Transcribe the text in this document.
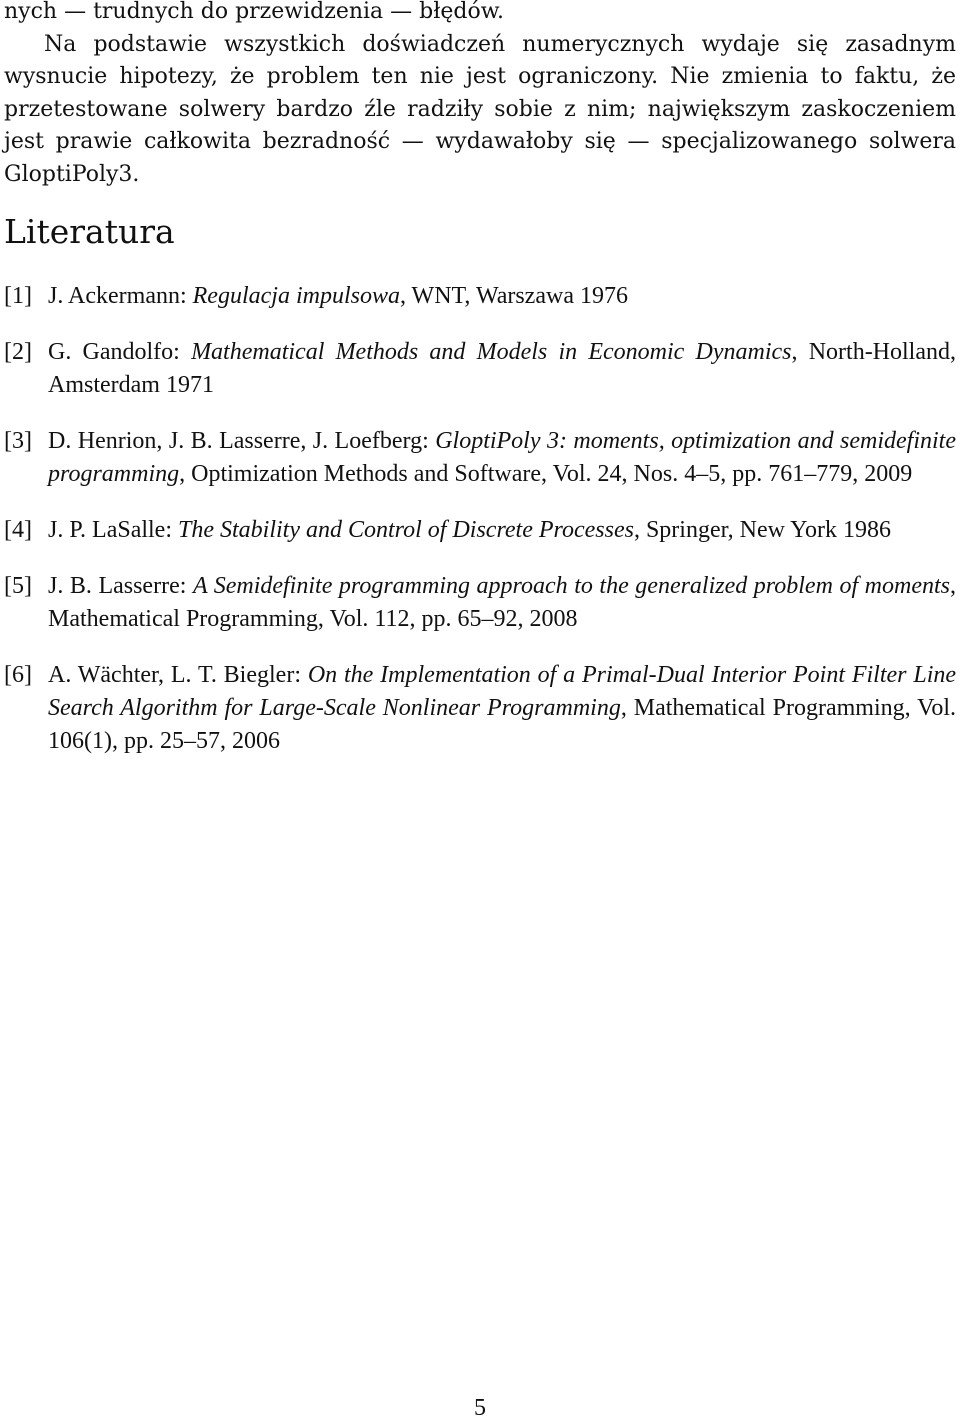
nych — trudnych do przewidzenia — błędów.

Na podstawie wszystkich doświadczeń numerycznych wydaje się zasadnym wysnucie hipotezy, że problem ten nie jest ograniczony. Nie zmienia to faktu, że przetestowane solwery bardzo źle radziły sobie z nim; największym zaskoczeniem jest prawie całkowita bezradność — wydawałoby się — specjalizowanego solwera GloptiPoly3.

Literatura
[1] J. Ackermann: Regulacja impulsowa, WNT, Warszawa 1976
[2] G. Gandolfo: Mathematical Methods and Models in Economic Dynamics, North-Holland, Amsterdam 1971
[3] D. Henrion, J. B. Lasserre, J. Loefberg: GloptiPoly 3: moments, optimization and semidefinite programming, Optimization Methods and Software, Vol. 24, Nos. 4–5, pp. 761–779, 2009
[4] J. P. LaSalle: The Stability and Control of Discrete Processes, Springer, New York 1986
[5] J. B. Lasserre: A Semidefinite programming approach to the generalized problem of moments, Mathematical Programming, Vol. 112, pp. 65–92, 2008
[6] A. Wächter, L. T. Biegler: On the Implementation of a Primal-Dual Interior Point Filter Line Search Algorithm for Large-Scale Nonlinear Programming, Mathematical Programming, Vol. 106(1), pp. 25–57, 2006
5
